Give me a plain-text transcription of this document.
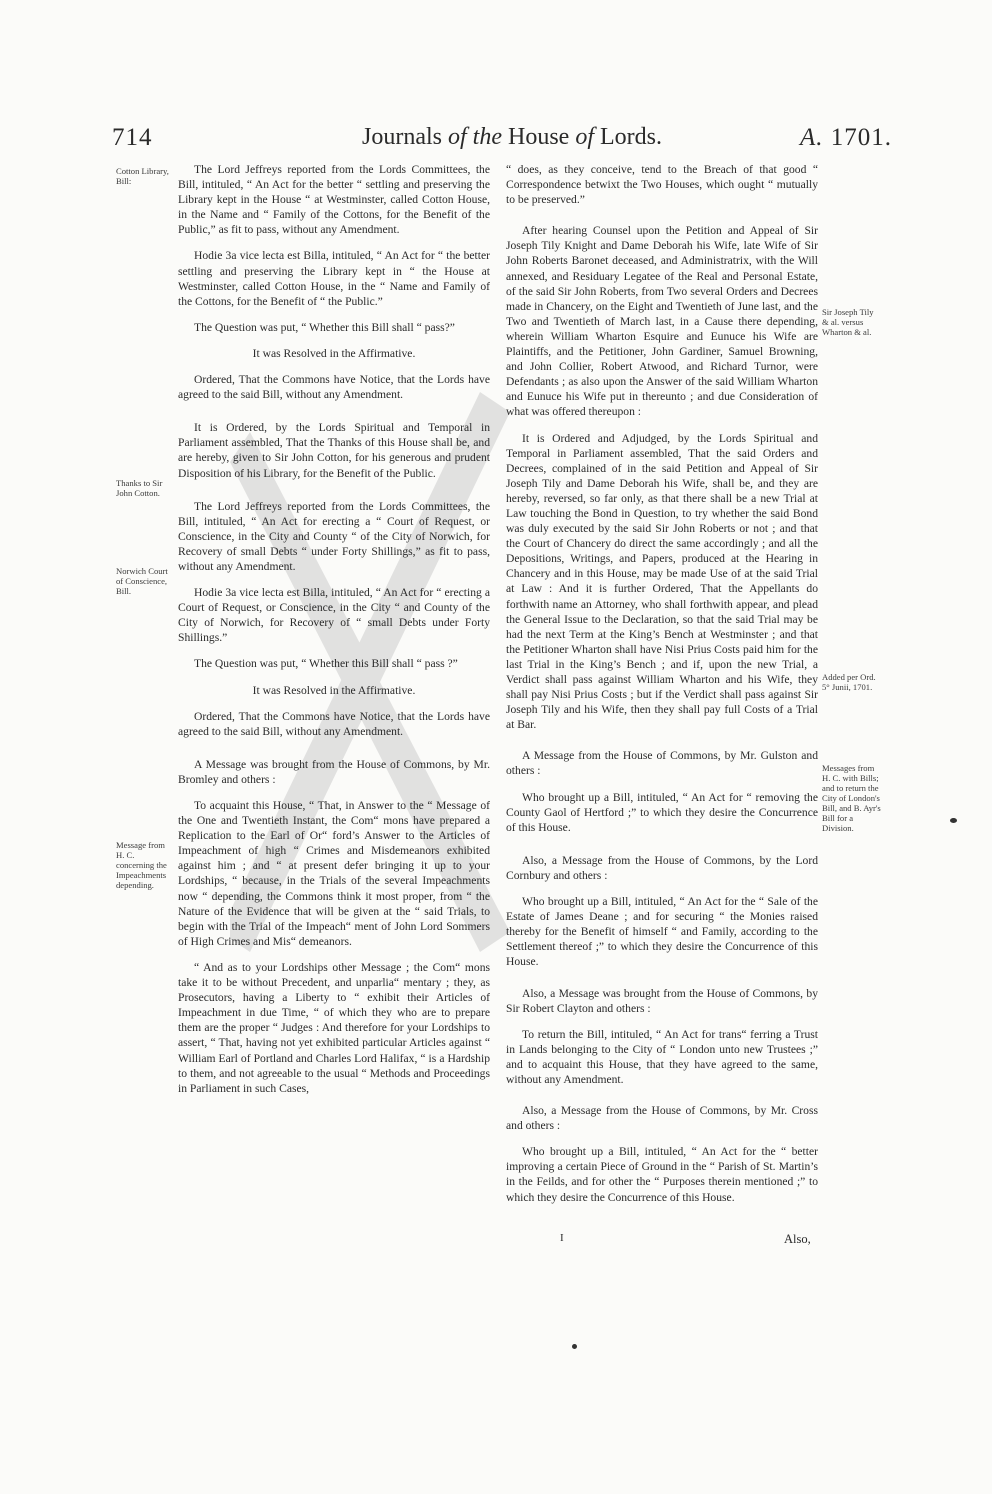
714	Journals of the House of Lords.	A. 1701.
Cotton Library, Bill:
Thanks to Sir John Cotton.
Norwich Court of Conscience, Bill.
Message from H. C. concerning the Impeachments depending.
Sir Joseph Tily & al. versus Wharton & al.
Added per Ord. 5° Junii, 1701.
Messages from H. C. with Bills; and to return the City of London's Bill, and B. Ayr's Bill for a Division.

The Lord Jeffreys reported from the Lords Committees, the Bill, intituled, “ An Act for the better “ settling and preserving the Library kept in the House “ at Westminster, called Cotton House, in the Name and “ Family of the Cottons, for the Benefit of the Public,” as fit to pass, without any Amendment.

Hodie 3a vice lecta est Billa, intituled, “ An Act for “ the better settling and preserving the Library kept in “ the House at Westminster, called Cotton House, in the “ Name and Family of the Cottons, for the Benefit of “ the Public.”

The Question was put, “ Whether this Bill shall “ pass?”

It was Resolved in the Affirmative.

Ordered, That the Commons have Notice, that the Lords have agreed to the said Bill, without any Amendment.

It is Ordered, by the Lords Spiritual and Temporal in Parliament assembled, That the Thanks of this House shall be, and are hereby, given to Sir John Cotton, for his generous and prudent Disposition of his Library, for the Benefit of the Public.

The Lord Jeffreys reported from the Lords Committees, the Bill, intituled, “ An Act for erecting a “ Court of Request, or Conscience, in the City and County “ of the City of Norwich, for Recovery of small Debts “ under Forty Shillings,” as fit to pass, without any Amendment.

Hodie 3a vice lecta est Billa, intituled, “ An Act for “ erecting a Court of Request, or Conscience, in the City “ and County of the City of Norwich, for Recovery of “ small Debts under Forty Shillings.”

The Question was put, “ Whether this Bill shall “ pass ?”

It was Resolved in the Affirmative.

Ordered, That the Commons have Notice, that the Lords have agreed to the said Bill, without any Amendment.

A Message was brought from the House of Commons, by Mr. Bromley and others :

To acquaint this House, “ That, in Answer to the “ Message of the One and Twentieth Instant, the Com“ mons have prepared a Replication to the Earl of Or“ ford’s Answer to the Articles of Impeachment of high “ Crimes and Misdemeanors exhibited against him ; and “ at present defer bringing it up to your Lordships, “ because, in the Trials of the several Impeachments now “ depending, the Commons think it most proper, from “ the Nature of the Evidence that will be given at the “ said Trials, to begin with the Trial of the Impeach“ ment of John Lord Sommers of High Crimes and Mis“ demeanors.

“ And as to your Lordships other Message ; the Com“ mons take it to be without Precedent, and unparlia“ mentary ; they, as Prosecutors, having a Liberty to “ exhibit their Articles of Impeachment in due Time, “ of which they who are to prepare them are the proper “ Judges : And therefore for your Lordships to assert, “ That, having not yet exhibited particular Articles against “ William Earl of Portland and Charles Lord Halifax, “ is a Hardship to them, and not agreeable to the usual “ Methods and Proceedings in Parliament in such Cases,

“ does, as they conceive, tend to the Breach of that good “ Correspondence betwixt the Two Houses, which ought “ mutually to be preserved.”

After hearing Counsel upon the Petition and Appeal of Sir Joseph Tily Knight and Dame Deborah his Wife, late Wife of Sir John Roberts Baronet deceased, and Administratrix, with the Will annexed, and Residuary Legatee of the Real and Personal Estate, of the said Sir John Roberts, from Two several Orders and Decrees made in Chancery, on the Eight and Twentieth of June last, and the Two and Twentieth of March last, in a Cause there depending, wherein William Wharton Esquire and Eunuce his Wife are Plaintiffs, and the Petitioner, John Gardiner, Samuel Browning, and John Collier, Robert Atwood, and Richard Turnor, were Defendants ; as also upon the Answer of the said William Wharton and Eunuce his Wife put in thereunto ; and due Consideration of what was offered thereupon :

It is Ordered and Adjudged, by the Lords Spiritual and Temporal in Parliament assembled, That the said Orders and Decrees, complained of in the said Petition and Appeal of Sir Joseph Tily and Dame Deborah his Wife, shall be, and they are hereby, reversed, so far only, as that there shall be a new Trial at Law touching the Bond in Question, to try whether the said Bond was duly executed by the said Sir John Roberts or not ; and that the Court of Chancery do direct the same accordingly ; and all the Depositions, Writings, and Papers, produced at the Hearing in Chancery and in this House, may be made Use of at the said Trial at Law : And it is further Ordered, That the Appellants do forthwith name an Attorney, who shall forthwith appear, and plead the General Issue to the Declaration, so that the said Trial may be had the next Term at the King’s Bench at Westminster ; and that the Petitioner Wharton shall have Nisi Prius Costs paid him for the last Trial in the King’s Bench ; and if, upon the new Trial, a Verdict shall pass against William Wharton and his Wife, they shall pay Nisi Prius Costs ; but if the Verdict shall pass against Sir Joseph Tily and his Wife, then they shall pay full Costs of a Trial at Bar.

A Message from the House of Commons, by Mr. Gulston and others :

Who brought up a Bill, intituled, “ An Act for “ removing the County Gaol of Hertford ;” to which they desire the Concurrence of this House.

Also, a Message from the House of Commons, by the Lord Cornbury and others :

Who brought up a Bill, intituled, “ An Act for the “ Sale of the Estate of James Deane ; and for securing “ the Monies raised thereby for the Benefit of himself “ and Family, according to the Settlement thereof ;” to which they desire the Concurrence of this House.

Also, a Message was brought from the House of Commons, by Sir Robert Clayton and others :

To return the Bill, intituled, “ An Act for trans“ ferring a Trust in Lands belonging to the City of “ London unto new Trustees ;” and to acquaint this House, that they have agreed to the same, without any Amendment.

Also, a Message from the House of Commons, by Mr. Cross and others :

Who brought up a Bill, intituled, “ An Act for the “ better improving a certain Piece of Ground in the “ Parish of St. Martin’s in the Feilds, and for other the “ Purposes therein mentioned ;” to which they desire the Concurrence of this House.

I	Also,
